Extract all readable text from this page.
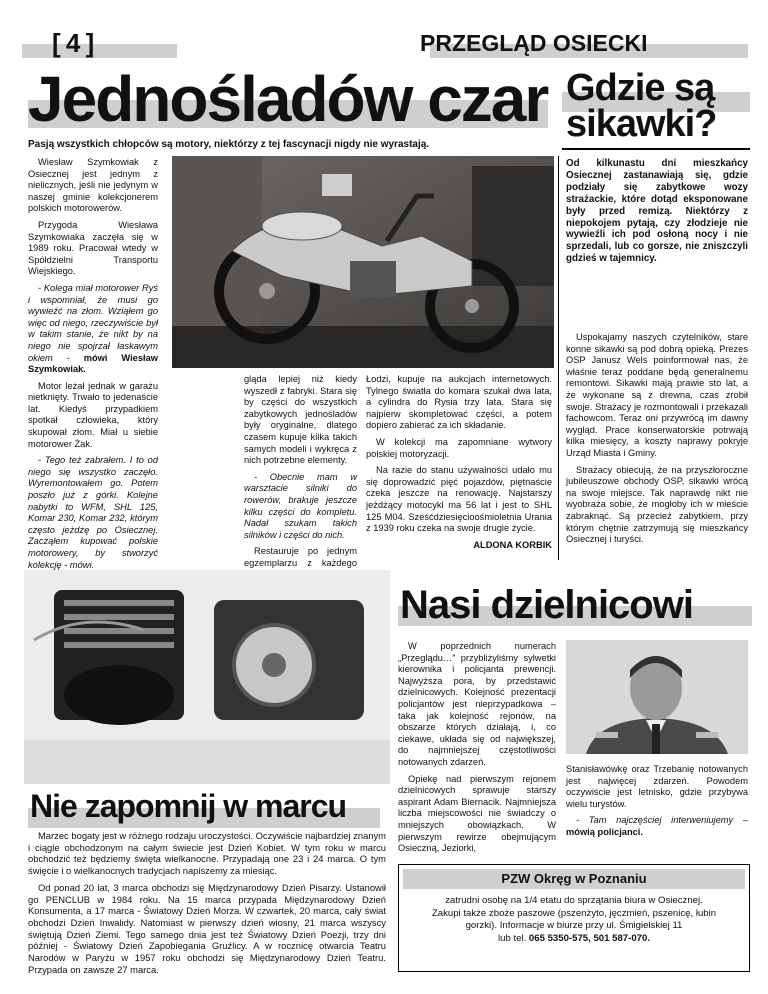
[ 4 ]	PRZEGLĄD OSIECKI
Jednośladów czar
Pasją wszystkich chłopców są motory, niektórzy z tej fascynacji nigdy nie wyrastają.

Wiesław Szymkowiak z Osiecznej jest jednym z nielicznych, jeśli nie jedynym w naszej gminie kolekcjonerem polskich motorowerów.

Przygoda Wiesława Szymkowiaka zaczęła się w 1989 roku. Pracował wtedy w Spółdzielni Transportu Wiejskiego.

- Kolega miał motorower Ryś i wspomniał, że musi go wywieźć na złom. Wziąłem go więc od niego, rzeczywiście był w takim stanie, że nikt by na niego nie spojrzał łaskawym okiem - mówi Wiesław Szymkowiak.

Motor leżał jednak w garażu nietknięty. Trwało to jedenaście lat. Kiedyś przypadkiem spotkał człowieka, który skupował złom. Miał u siebie motorower Żak.

- Tego też zabrałem. I to od niego się wszystko zaczęło. Wyremontowałem go. Potem poszło już z górki. Kolejne nabytki to WFM, SHL 125, Komar 230, Komar 232, którym często jeżdżę po Osiecznej. Zacząłem kupować polskie motorowery, by stworzyć kolekcję - mówi.

gląda lepiej niż kiedy wyszedł z fabryki. Stara się by części do wszystkich zabytkowych jednośladów były oryginalne, dlatego czasem kupuje kilka takich samych modeli i wykręca z nich potrzebne elementy.

- Obecnie mam w warsztacie silniki do rowerów, brakuje jeszcze kilku części do kompletu. Nadal szukam takich silników i części do nich.

Restauruje po jednym egzemplarzu z każdego

Łodzi, kupuje na aukcjach internetowych. Tylnego światła do komara szukał dwa lata, a cylindra do Rysia trzy lata. Stara się najpierw skompletować części, a potem dopiero zabierać za ich składanie.

W kolekcji ma zapomniane wytwory polskiej motoryzacji.

Na razie do stanu używalności udało mu się doprowadzić pięć pojazdów, piętnaście czeka jeszcze na renowację. Najstarszy jeżdżący motocykl ma 56 lat i jest to SHL 125 M04. Sześćdziesięcioośmioletnia Urania z 1939 roku czeka na swoje drugie życie.

ALDONA KORBIK

Gdzie są
sikawki?
Od kilkunastu dni mieszkańcy Osiecznej zastanawiają się, gdzie podziały się zabytkowe wozy strażackie, które dotąd eksponowane były przed remizą. Niektórzy z niepokojem pytają, czy złodzieje nie wywieźli ich pod osłoną nocy i nie sprzedali, lub co gorsze, nie zniszczyli gdzieś w tajemnicy.

Uspokajamy naszych czytelników, stare konne sikawki są pod dobrą opieką. Prezes OSP Janusz Wels poinformował nas, że właśnie teraz poddane będą generalnemu remontowi. Sikawki mają prawie sto lat, a że wykonane są z drewna, czas zrobił swoje. Strażacy je rozmontowali i przekazali fachowcom. Teraz oni przywrócą im dawny wygląd. Prace konserwatorskie potrwają kilka miesięcy, a koszty naprawy pokryje Urząd Miasta i Gminy.

Strażacy obiecują, że na przyszłoroczne jubileuszowe obchody OSP, sikawki wrócą na swoje miejsce. Tak naprawdę nikt nie wyobraża sobie, że mogłoby ich w mieście zabraknąć. Są przecież zabytkiem, przy którym chętnie zatrzymują się mieszkańcy Osiecznej i turyści.

Nasi dzielnicowi

W poprzednich numerach „Przeglądu…” przybliżyliśmy sylwetki kierownika i policjanta prewencji. Najwyższa pora, by przedstawić dzielnicowych. Kolejność prezentacji policjantów jest nieprzypadkowa – taka jak kolejność rejonów, na obszarze których działają, i, co ciekawe, układa się od największej, do najmniejszej częstotliwości notowanych zdarzeń.

Opiekę nad pierwszym rejonem dzielnicowych sprawuje starszy aspirant Adam Biernacik. Najmniejsza liczba miejscowości nie świadczy o mniejszych obowiązkach. W pierwszym rewirze obejmującym Osieczną, Jeziorki,

Stanisławówkę oraz Trzebanię notowanych jest najwięcej zdarzeń. Powodem oczywiście jest letnisko, gdzie przybywa wielu turystów.

- Tam najczęściej interweniujemy – mówią policjanci.

Nie zapomnij w marcu

Marzec bogaty jest w różnego rodzaju uroczystości. Oczywiście najbardziej znanym i ciągle obchodzonym na całym świecie jest Dzień Kobiet. W tym roku w marcu obchodzić też będziemy święta wielkanocne. Przypadają one 23 i 24 marca. O tym święcie i o wielkanocnych tradycjach napiszemy za miesiąc.

Od ponad 20 lat, 3 marca obchodzi się Międzynarodowy Dzień Pisarzy. Ustanowił go PENCLUB w 1984 roku. Na 15 marca przypada Międzynarodowy Dzień Konsumenta, a 17 marca - Światowy Dzień Morza. W czwartek, 20 marca, cały świat obchodzi Dzień Inwalidy. Natomiast w pierwszy dzień wiosny, 21 marca wszyscy świętują Dzień Ziemi. Tego samego dnia jest też Światowy Dzień Poezji, trzy dni później - Światowy Dzień Zapobiegania Gruźlicy. A w rocznicę otwarcia Teatru Narodów w Paryżu w 1957 roku obchodzi się Międzynarodowy Dzień Teatru. Przypada on zawsze 27 marca.

PZW Okręg w Poznaniu
zatrudni osobę na 1/4 etatu do sprzątania biura w Osiecznej.
Zakupi także zboże paszowe (pszenżyto, jęczmień, pszenicę, łubin
gorzki). Informacje w biurze przy ul. Śmigielskiej 11
lub tel. 065 5350-575, 501 587-070.
